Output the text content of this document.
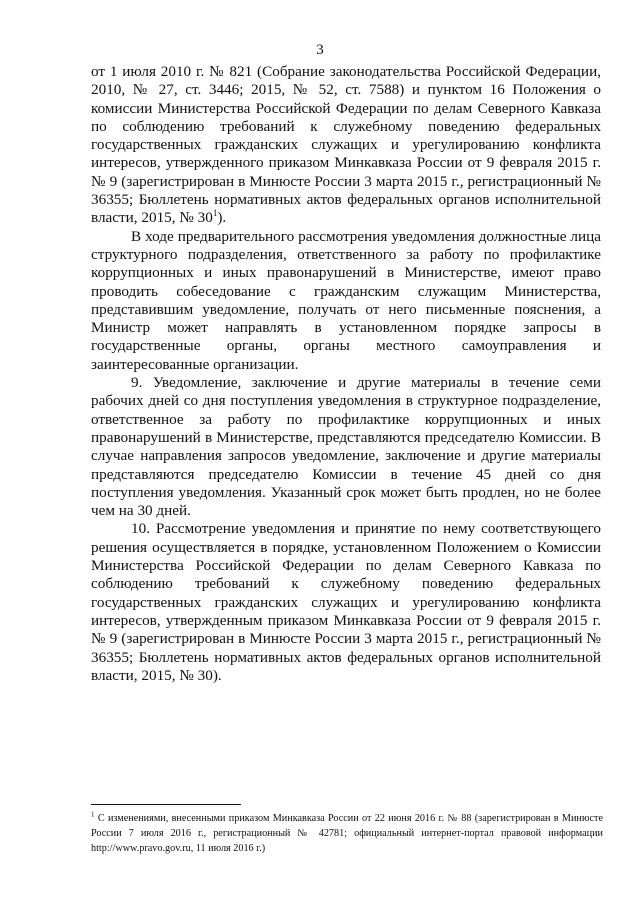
3

от 1 июля 2010 г. № 821 (Собрание законодательства Российской Федерации, 2010, № 27, ст. 3446; 2015, № 52, ст. 7588) и пунктом 16 Положения о комиссии Министерства Российской Федерации по делам Северного Кавказа по соблюдению требований к служебному поведению федеральных государственных гражданских служащих и урегулированию конфликта интересов, утвержденного приказом Минкавказа России от 9 февраля 2015 г. № 9 (зарегистрирован в Минюсте России 3 марта 2015 г., регистрационный № 36355; Бюллетень нормативных актов федеральных органов исполнительной власти, 2015, № $30^1$).

В ходе предварительного рассмотрения уведомления должностные лица структурного подразделения, ответственного за работу по профилактике коррупционных и иных правонарушений в Министерстве, имеют право проводить собеседование с гражданским служащим Министерства, представившим уведомление, получать от него письменные пояснения, а Министр может направлять в установленном порядке запросы в государственные органы, органы местного самоуправления и заинтересованные организации.

9. Уведомление, заключение и другие материалы в течение семи рабочих дней со дня поступления уведомления в структурное подразделение, ответственное за работу по профилактике коррупционных и иных правонарушений в Министерстве, представляются председателю Комиссии. В случае направления запросов уведомление, заключение и другие материалы представляются председателю Комиссии в течение 45 дней со дня поступления уведомления. Указанный срок может быть продлен, но не более чем на 30 дней.

10. Рассмотрение уведомления и принятие по нему соответствующего решения осуществляется в порядке, установленном Положением о Комиссии Министерства Российской Федерации по делам Северного Кавказа по соблюдению требований к служебному поведению федеральных государственных гражданских служащих и урегулированию конфликта интересов, утвержденным приказом Минкавказа России от 9 февраля 2015 г. № 9 (зарегистрирован в Минюсте России 3 марта 2015 г., регистрационный № 36355; Бюллетень нормативных актов федеральных органов исполнительной власти, 2015, № 30).

$^1$ С изменениями, внесенными приказом Минкавказа России от 22 июня 2016 г. № 88 (зарегистрирован в Минюсте России 7 июля 2016 г., регистрационный № 42781; официальный интернет-портал правовой информации http://www.pravo.gov.ru, 11 июля 2016 г.)
